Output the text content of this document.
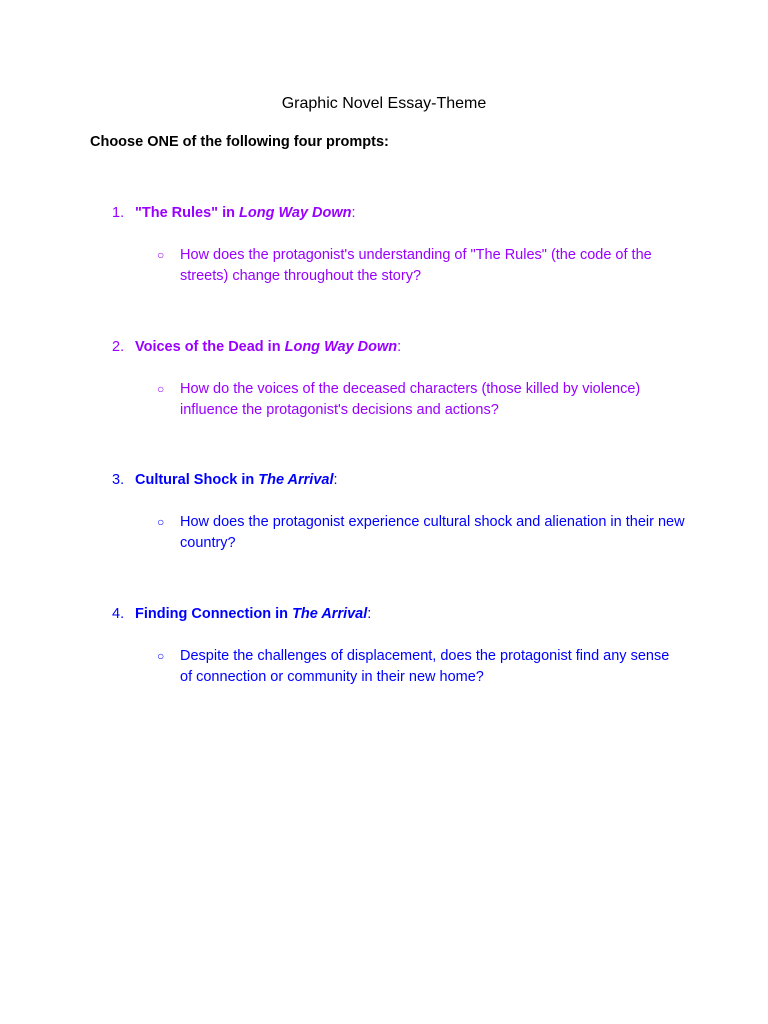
Graphic Novel Essay-Theme
Choose ONE of the following four prompts:
1. "The Rules" in Long Way Down:
○ How does the protagonist's understanding of "The Rules" (the code of the streets) change throughout the story?
2. Voices of the Dead in Long Way Down:
○ How do the voices of the deceased characters (those killed by violence) influence the protagonist's decisions and actions?
3. Cultural Shock in The Arrival:
○ How does the protagonist experience cultural shock and alienation in their new country?
4. Finding Connection in The Arrival:
○ Despite the challenges of displacement, does the protagonist find any sense of connection or community in their new home?
